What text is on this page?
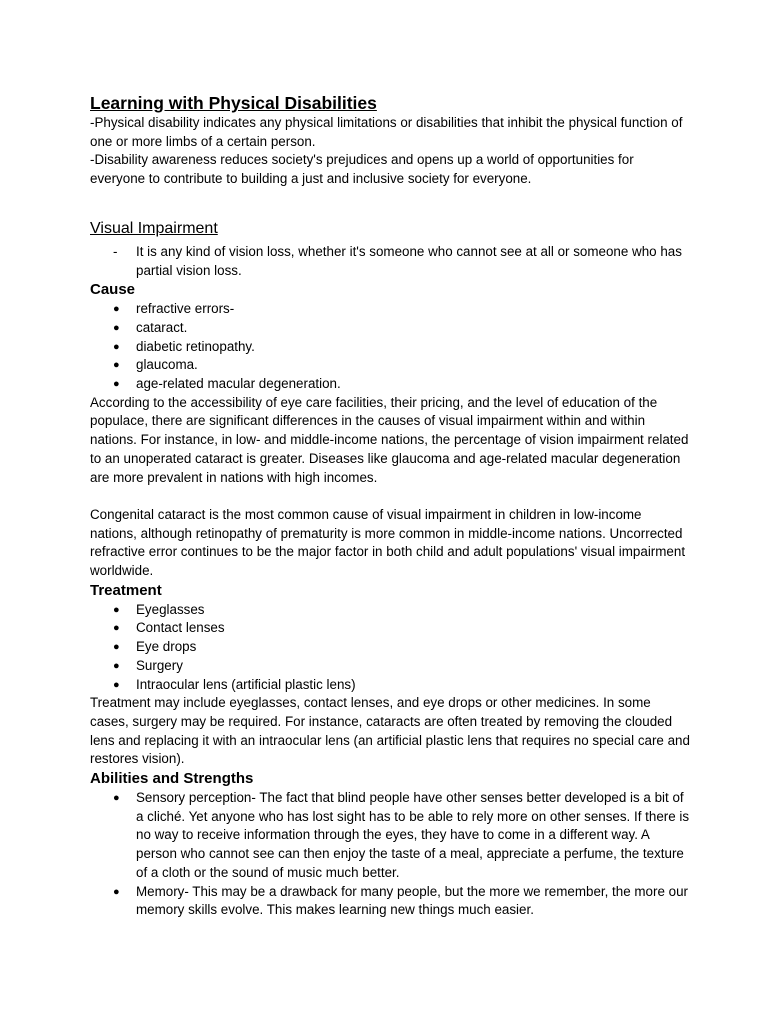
Learning with Physical Disabilities

-Physical disability indicates any physical limitations or disabilities that inhibit the physical function of one or more limbs of a certain person.

-Disability awareness reduces society's prejudices and opens up a world of opportunities for everyone to contribute to building a just and inclusive society for everyone.

Visual Impairment
- It is any kind of vision loss, whether it's someone who cannot see at all or someone who has partial vision loss.
Cause
● refractive errors-
● cataract.
● diabetic retinopathy.
● glaucoma.
● age-related macular degeneration.

According to the accessibility of eye care facilities, their pricing, and the level of education of the populace, there are significant differences in the causes of visual impairment within and within nations. For instance, in low- and middle-income nations, the percentage of vision impairment related to an unoperated cataract is greater. Diseases like glaucoma and age-related macular degeneration are more prevalent in nations with high incomes.

Congenital cataract is the most common cause of visual impairment in children in low-income nations, although retinopathy of prematurity is more common in middle-income nations. Uncorrected refractive error continues to be the major factor in both child and adult populations' visual impairment worldwide.

Treatment
● Eyeglasses
● Contact lenses
● Eye drops
● Surgery
● Intraocular lens (artificial plastic lens)

Treatment may include eyeglasses, contact lenses, and eye drops or other medicines. In some cases, surgery may be required. For instance, cataracts are often treated by removing the clouded lens and replacing it with an intraocular lens (an artificial plastic lens that requires no special care and restores vision).

Abilities and Strengths
● Sensory perception- The fact that blind people have other senses better developed is a bit of a cliché. Yet anyone who has lost sight has to be able to rely more on other senses. If there is no way to receive information through the eyes, they have to come in a different way. A person who cannot see can then enjoy the taste of a meal, appreciate a perfume, the texture of a cloth or the sound of music much better.
● Memory- This may be a drawback for many people, but the more we remember, the more our memory skills evolve. This makes learning new things much easier.
